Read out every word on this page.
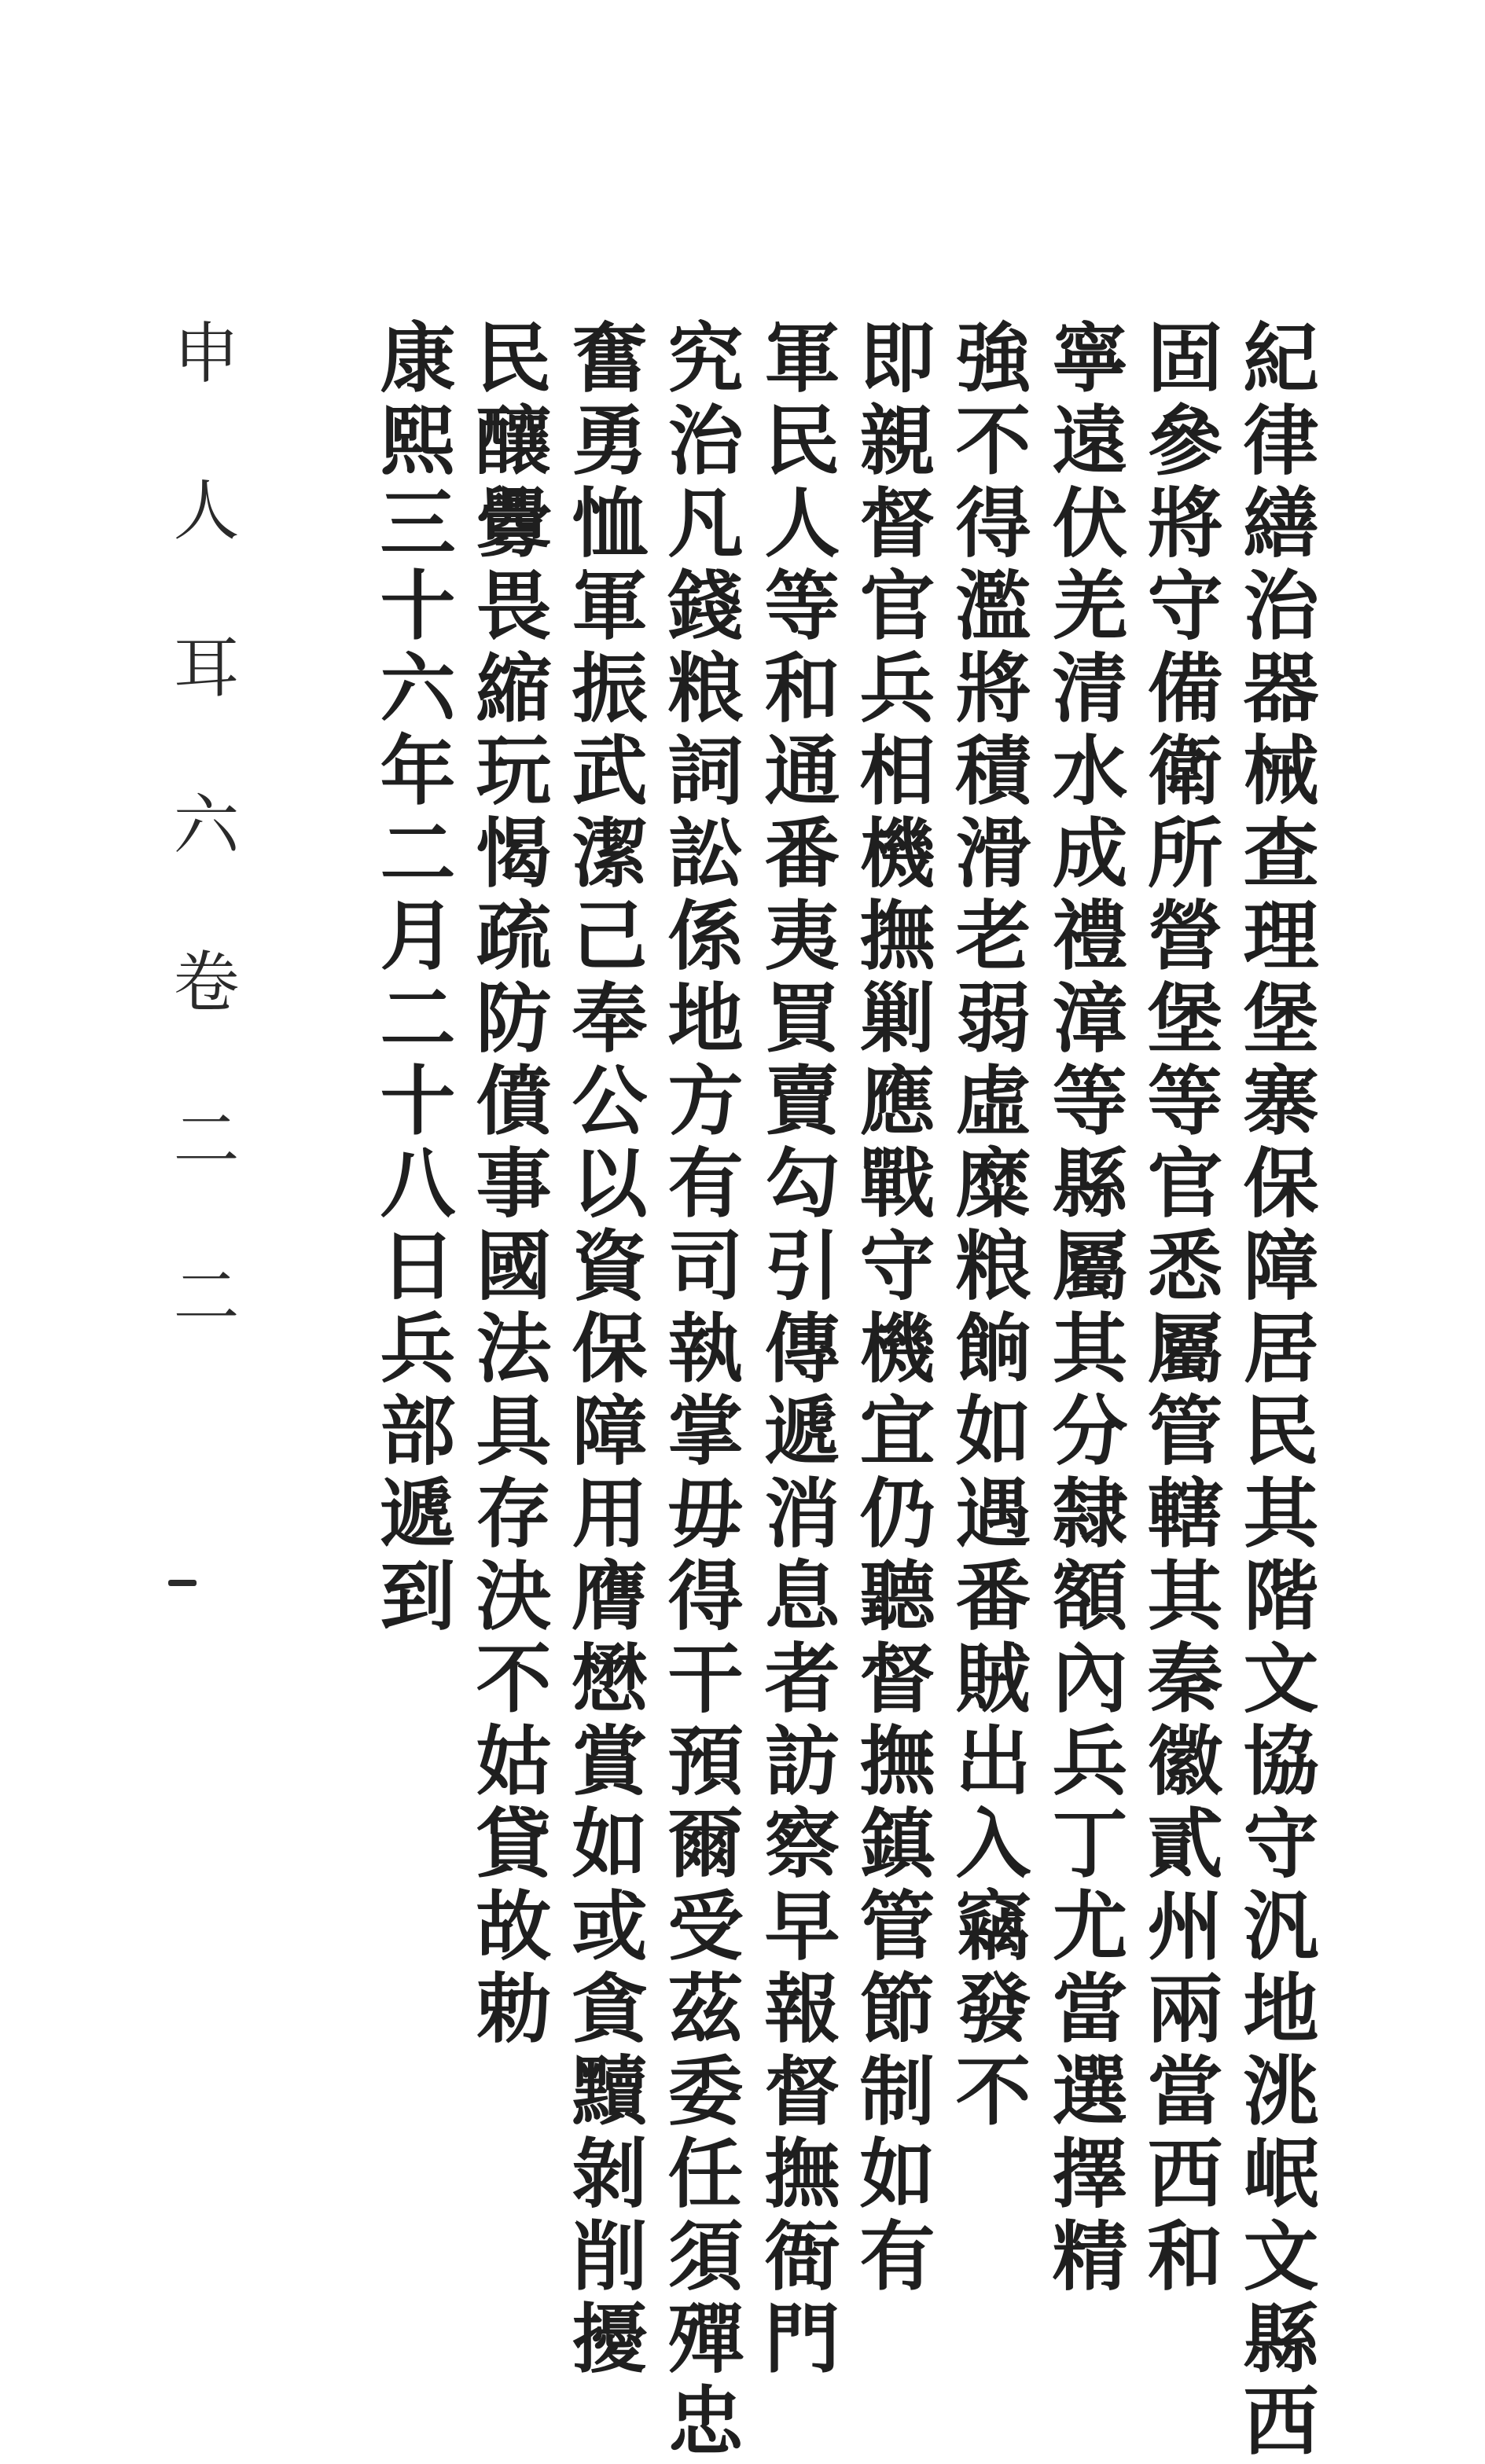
紀律繕治器械查理堡寨保障居民其階文協守汎地洮岷文縣西
固參將守備衛所營堡等官悉屬管轄其秦徽貳州兩當西和
寧遠伏羌清水成禮漳等縣屬其分隸額內兵丁尤當選擇精
強不得濫將積滑老弱虛糜粮餉如遇番賊出入竊發不
即親督官兵相機撫剿應戰守機宜仍聽督撫鎮管節制如有
軍民人等和通番夷買賣勾引傳遞消息者訪察早報督撫衙門
究治凡錢粮詞訟係地方有司執掌毋得干預爾受茲委任須殫忠
奮勇恤軍振武潔己奉公以資保障用膺懋賞如或貪黷剝削擾
民釀釁畏縮玩愒疏防僨事國法具存決不姑貸故勅
康熙三十六年二月二十八日兵部遞到
申 人 耳 六 卷 二 二
